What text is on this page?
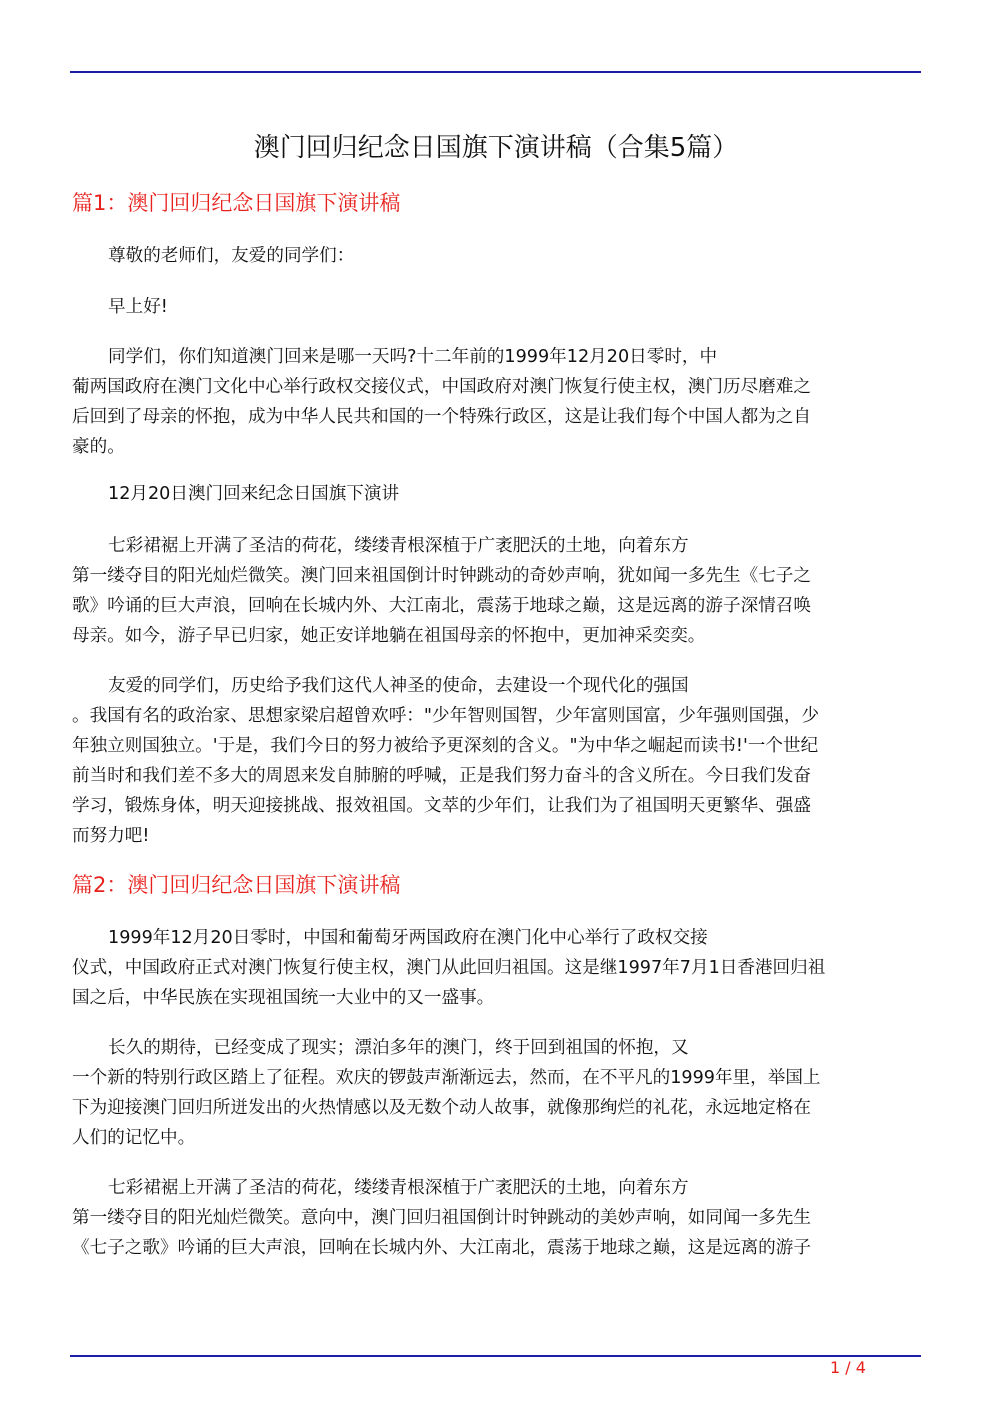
澳门回归纪念日国旗下演讲稿（合集5篇）
篇1：澳门回归纪念日国旗下演讲稿
尊敬的老师们，友爱的同学们：
早上好!
同学们，你们知道澳门回来是哪一天吗?十二年前的1999年12月20日零时，中
葡两国政府在澳门文化中心举行政权交接仪式，中国政府对澳门恢复行使主权，澳门历尽磨难之
后回到了母亲的怀抱，成为中华人民共和国的一个特殊行政区，这是让我们每个中国人都为之自
豪的。
12月20日澳门回来纪念日国旗下演讲
七彩裙裾上开满了圣洁的荷花，缕缕青根深植于广袤肥沃的土地，向着东方
第一缕夺目的阳光灿烂微笑。澳门回来祖国倒计时钟跳动的奇妙声响，犹如闻一多先生《七子之
歌》吟诵的巨大声浪，回响在长城内外、大江南北，震荡于地球之巅，这是远离的游子深情召唤
母亲。如今，游子早已归家，她正安详地躺在祖国母亲的怀抱中，更加神采奕奕。
友爱的同学们，历史给予我们这代人神圣的使命，去建设一个现代化的强国
。我国有名的政治家、思想家梁启超曾欢呼："少年智则国智，少年富则国富，少年强则国强，少
年独立则国独立。'于是，我们今日的努力被给予更深刻的含义。"为中华之崛起而读书!'一个世纪
前当时和我们差不多大的周恩来发自肺腑的呼喊，正是我们努力奋斗的含义所在。今日我们发奋
学习，锻炼身体，明天迎接挑战、报效祖国。文萃的少年们，让我们为了祖国明天更繁华、强盛
而努力吧!
篇2：澳门回归纪念日国旗下演讲稿
1999年12月20日零时，中国和葡萄牙两国政府在澳门化中心举行了政权交接
仪式，中国政府正式对澳门恢复行使主权，澳门从此回归祖国。这是继1997年7月1日香港回归祖
国之后，中华民族在实现祖国统一大业中的又一盛事。
长久的期待，已经变成了现实；漂泊多年的澳门，终于回到祖国的怀抱，又
一个新的特别行政区踏上了征程。欢庆的锣鼓声渐渐远去，然而，在不平凡的1999年里，举国上
下为迎接澳门回归所迸发出的火热情感以及无数个动人故事，就像那绚烂的礼花，永远地定格在
人们的记忆中。
七彩裙裾上开满了圣洁的荷花，缕缕青根深植于广袤肥沃的土地，向着东方
第一缕夺目的阳光灿烂微笑。意向中，澳门回归祖国倒计时钟跳动的美妙声响，如同闻一多先生
《七子之歌》吟诵的巨大声浪，回响在长城内外、大江南北，震荡于地球之巅，这是远离的游子
1 / 4
